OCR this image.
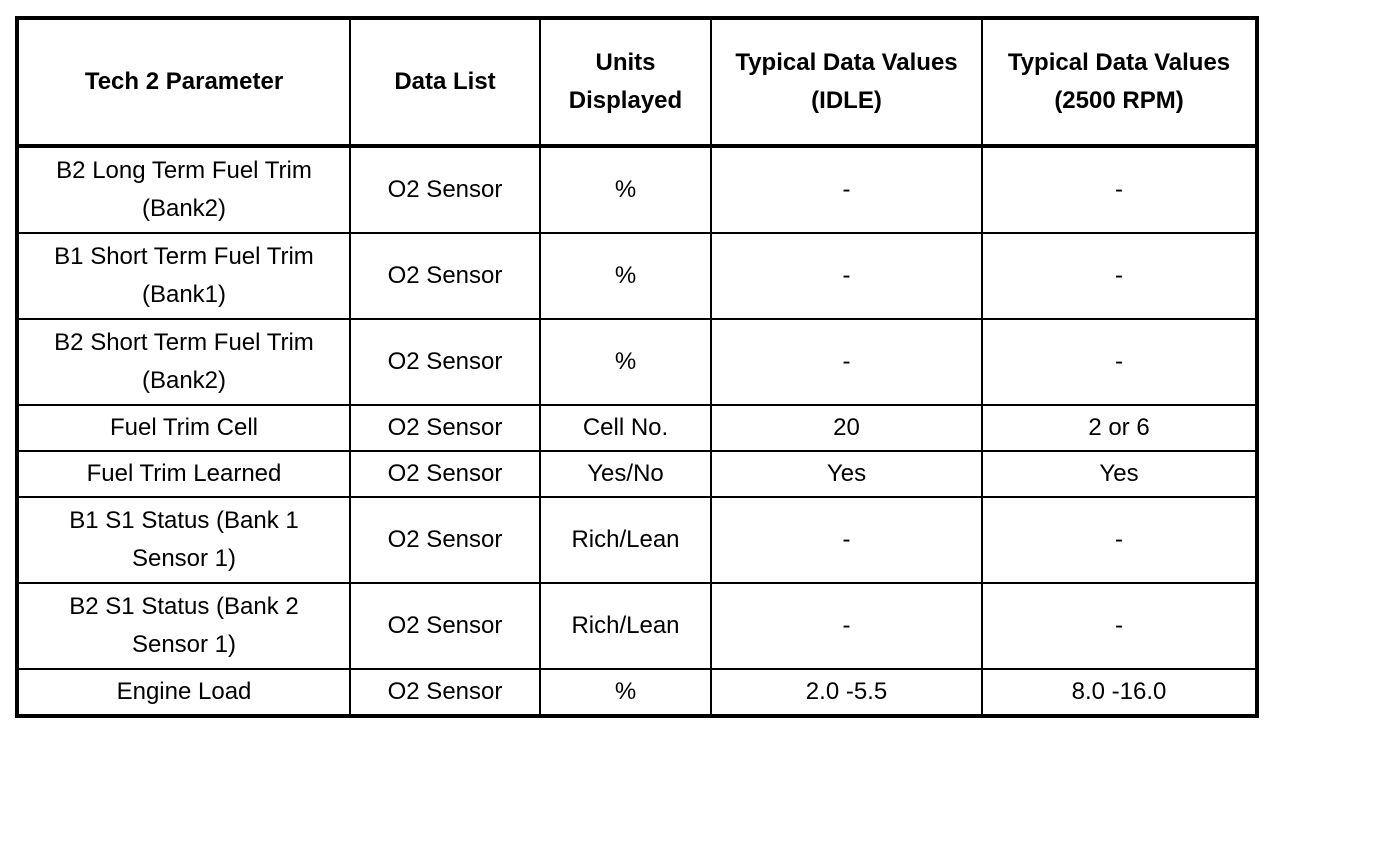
Tech 2 Parameter	Data List	Units Displayed	Typical Data Values (IDLE)	Typical Data Values (2500 RPM)
B2 Long Term Fuel Trim (Bank2)	O2 Sensor	%	-	-
B1 Short Term Fuel Trim (Bank1)	O2 Sensor	%	-	-
B2 Short Term Fuel Trim (Bank2)	O2 Sensor	%	-	-
Fuel Trim Cell	O2 Sensor	Cell No.	20	2 or 6
Fuel Trim Learned	O2 Sensor	Yes/No	Yes	Yes
B1 S1 Status (Bank 1 Sensor 1)	O2 Sensor	Rich/Lean	-	-
B2 S1 Status (Bank 2 Sensor 1)	O2 Sensor	Rich/Lean	-	-
Engine Load	O2 Sensor	%	2.0 -5.5	8.0 -16.0
